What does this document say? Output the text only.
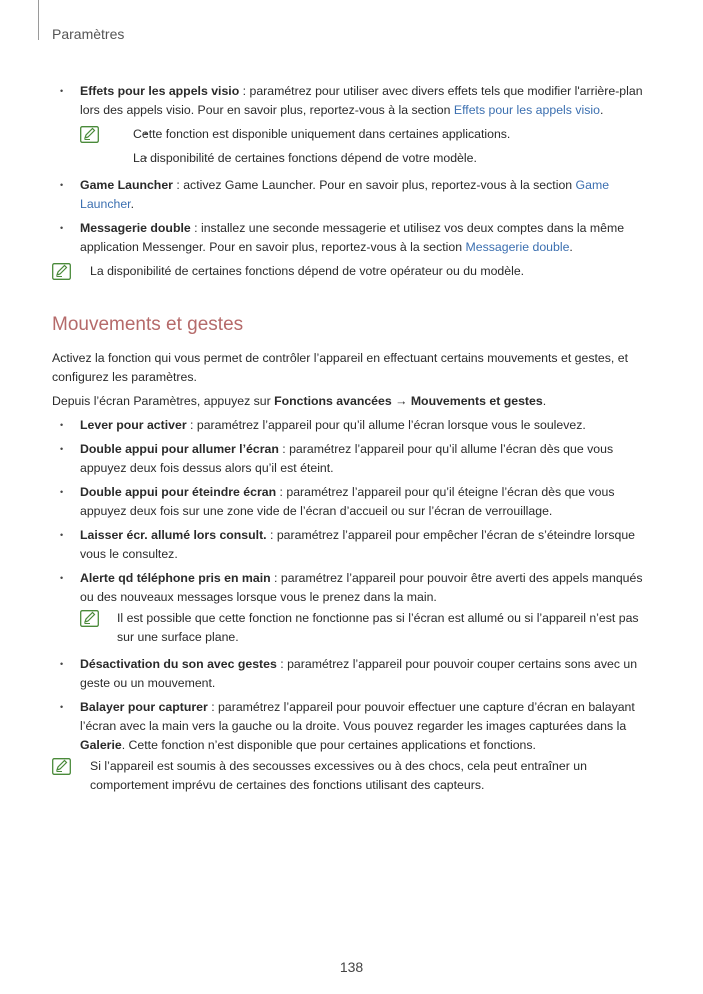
Paramètres
• Effets pour les appels visio : paramétrez pour utiliser avec divers effets tels que modifier l'arrière-plan lors des appels visio. Pour en savoir plus, reportez-vous à la section Effets pour les appels visio.
• Cette fonction est disponible uniquement dans certaines applications.
• La disponibilité de certaines fonctions dépend de votre modèle.
• Game Launcher : activez Game Launcher. Pour en savoir plus, reportez-vous à la section Game Launcher.
• Messagerie double : installez une seconde messagerie et utilisez vos deux comptes dans la même application Messenger. Pour en savoir plus, reportez-vous à la section Messagerie double.
La disponibilité de certaines fonctions dépend de votre opérateur ou du modèle.
Mouvements et gestes
Activez la fonction qui vous permet de contrôler l’appareil en effectuant certains mouvements et gestes, et configurez les paramètres.
Depuis l’écran Paramètres, appuyez sur Fonctions avancées → Mouvements et gestes.
• Lever pour activer : paramétrez l’appareil pour qu’il allume l’écran lorsque vous le soulevez.
• Double appui pour allumer l’écran : paramétrez l’appareil pour qu’il allume l’écran dès que vous appuyez deux fois dessus alors qu’il est éteint.
• Double appui pour éteindre écran : paramétrez l’appareil pour qu’il éteigne l’écran dès que vous appuyez deux fois sur une zone vide de l’écran d’accueil ou sur l’écran de verrouillage.
• Laisser écr. allumé lors consult. : paramétrez l’appareil pour empêcher l’écran de s’éteindre lorsque vous le consultez.
• Alerte qd téléphone pris en main : paramétrez l’appareil pour pouvoir être averti des appels manqués ou des nouveaux messages lorsque vous le prenez dans la main.
Il est possible que cette fonction ne fonctionne pas si l’écran est allumé ou si l’appareil n’est pas sur une surface plane.
• Désactivation du son avec gestes : paramétrez l’appareil pour pouvoir couper certains sons avec un geste ou un mouvement.
• Balayer pour capturer : paramétrez l’appareil pour pouvoir effectuer une capture d’écran en balayant l’écran avec la main vers la gauche ou la droite. Vous pouvez regarder les images capturées dans la Galerie. Cette fonction n’est disponible que pour certaines applications et fonctions.
Si l’appareil est soumis à des secousses excessives ou à des chocs, cela peut entraîner un comportement imprévu de certaines des fonctions utilisant des capteurs.
138
